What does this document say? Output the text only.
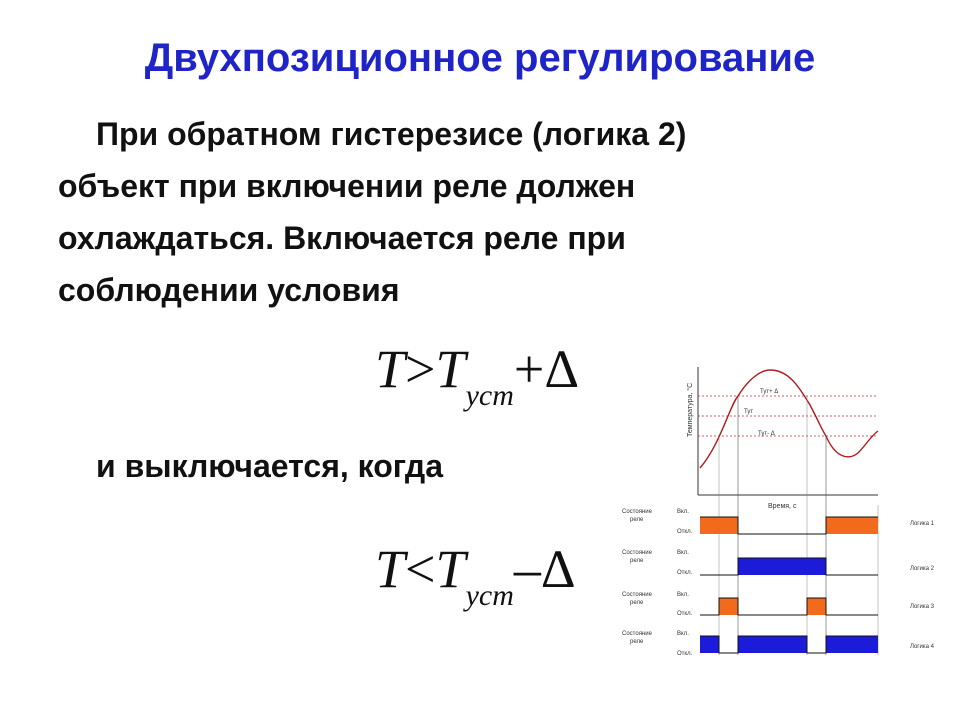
Двухпозиционное регулирование
При обратном гистерезисе (логика 2)
объект при включении реле должен
охлаждаться. Включается реле при
соблюдении условия
$T>T_{уст}+\Delta$
и выключается, когда
$T<T_{уст}-\Delta$
Температура, °С
Время, с
Тут+ Δ
Тут
Тут- Δ
Состояние
реле
Вкл.
Откл.
Логика 1
Состояние
реле
Вкл.
Откл.
Логика 2
Состояние
реле
Вкл.
Откл.
Логика 3
Состояние
реле
Вкл.
Откл.
Логика 4
